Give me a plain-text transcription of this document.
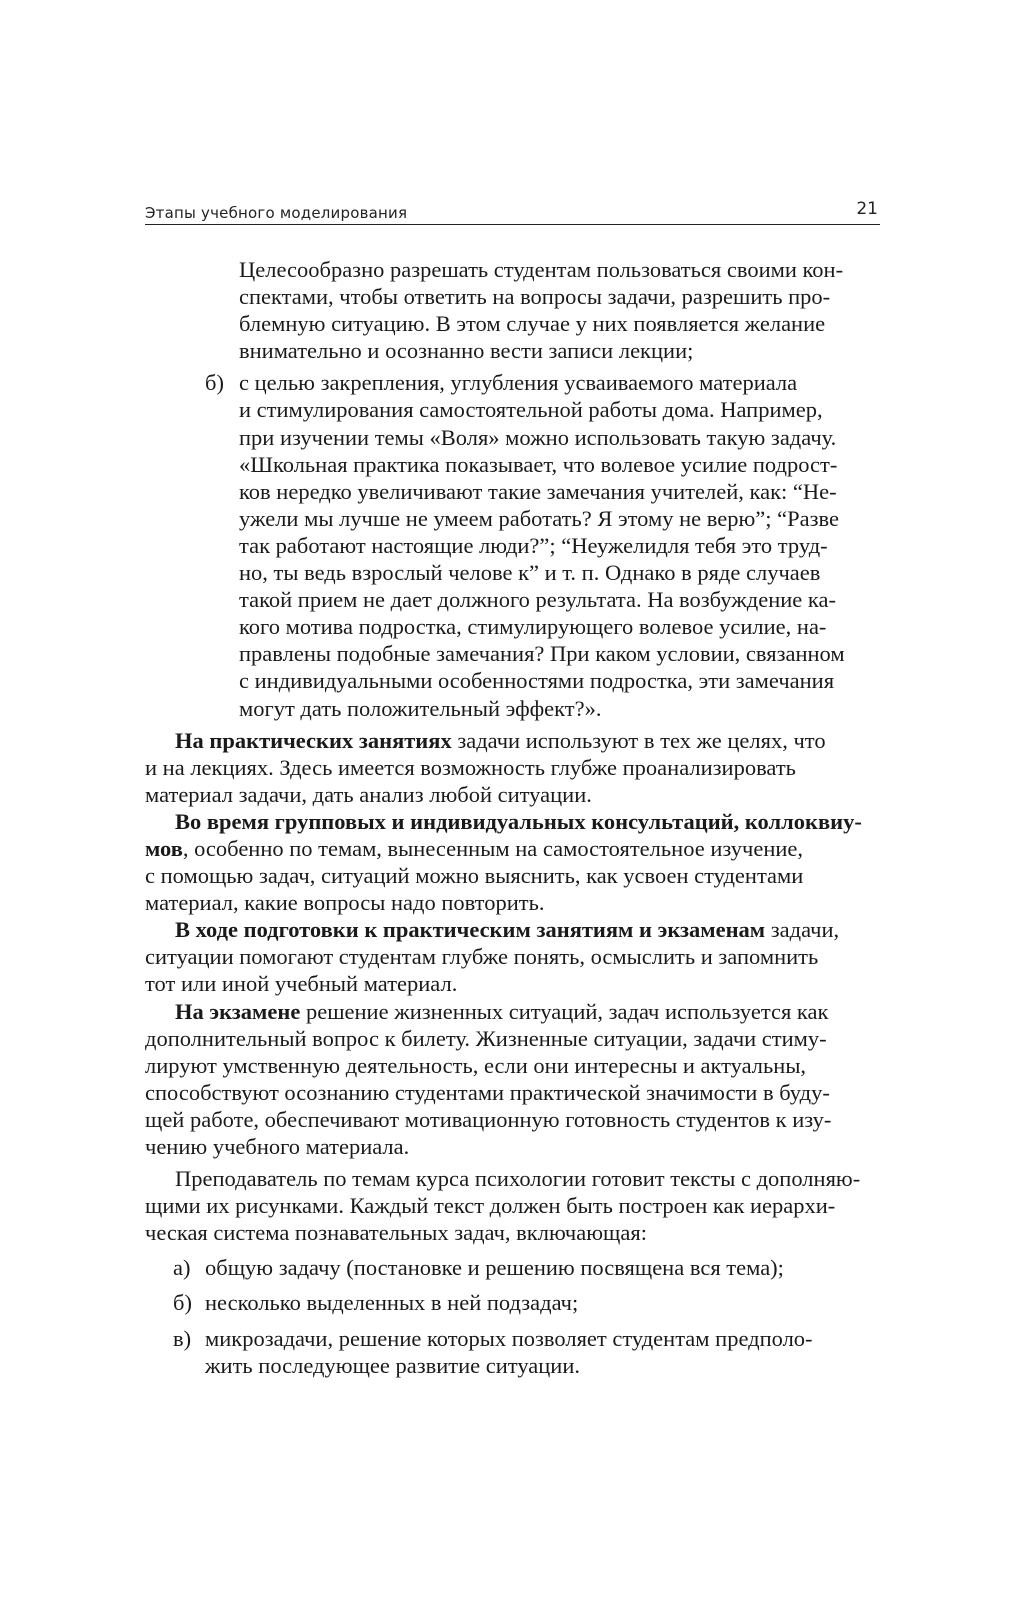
Этапы учебного моделирования	21

Целесообразно разрешать студентам пользоваться своими кон-
спектами, чтобы ответить на вопросы задачи, разрешить про-
блемную ситуацию. В этом случае у них появляется желание
внимательно и осознанно вести записи лекции;

б) с целью закрепления, углубления усваиваемого материала
и стимулирования самостоятельной работы дома. Например,
при изучении темы «Воля» можно использовать такую задачу.
«Школьная практика показывает, что волевое усилие подрост-
ков нередко увеличивают такие замечания учителей, как: “Не-
ужели мы лучше не умеем работать? Я этому не верю”; “Разве
так работают настоящие люди?”; “Неужелидля тебя это труд-
но, ты ведь взрослый челове к” и т. п. Однако в ряде случаев
такой прием не дает должного результата. На возбуждение ка-
кого мотива подростка, стимулирующего волевое усилие, на-
правлены подобные замечания? При каком условии, связанном
с индивидуальными особенностями подростка, эти замечания
могут дать положительный эффект?».

На практических занятиях задачи используют в тех же целях, что
и на лекциях. Здесь имеется возможность глубже проанализировать
материал задачи, дать анализ любой ситуации.

Во время групповых и индивидуальных консультаций, коллоквиу-
мов, особенно по темам, вынесенным на самостоятельное изучение,
с помощью задач, ситуаций можно выяснить, как усвоен студентами
материал, какие вопросы надо повторить.

В ходе подготовки к практическим занятиям и экзаменам задачи,
ситуации помогают студентам глубже понять, осмыслить и запомнить
тот или иной учебный материал.

На экзамене решение жизненных ситуаций, задач используется как
дополнительный вопрос к билету. Жизненные ситуации, задачи стиму-
лируют умственную деятельность, если они интересны и актуальны,
способствуют осознанию студентами практической значимости в буду-
щей работе, обеспечивают мотивационную готовность студентов к изу-
чению учебного материала.

Преподаватель по темам курса психологии готовит тексты с дополняю-
щими их рисунками. Каждый текст должен быть построен как иерархи-
ческая система познавательных задач, включающая:

а) общую задачу (постановке и решению посвящена вся тема);

б) несколько выделенных в ней подзадач;

в) микрозадачи, решение которых позволяет студентам предполо-
жить последующее развитие ситуации.
